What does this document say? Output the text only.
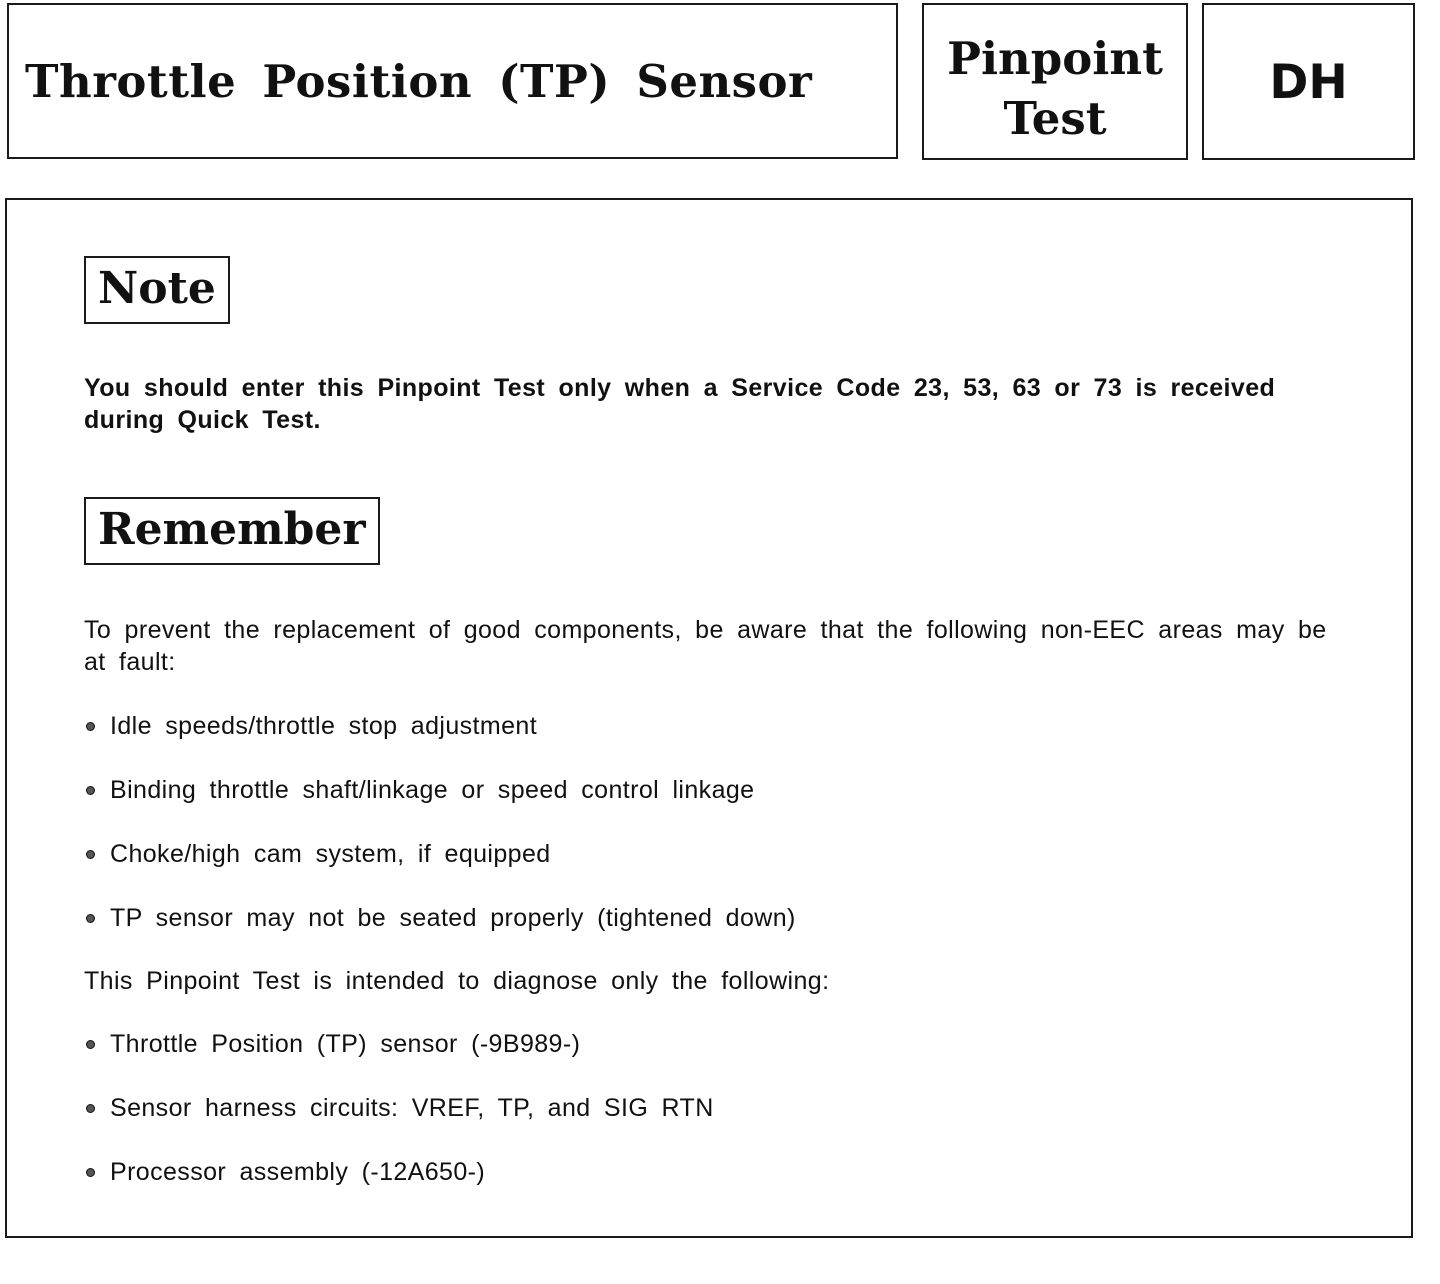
Throttle Position (TP) Sensor	Pinpoint
Test
DH
Note
You should enter this Pinpoint Test only when a Service Code 23, 53, 63 or 73 is received during Quick Test.
Remember
To prevent the replacement of good components, be aware that the following non-EEC areas may be at fault:
Idle speeds/throttle stop adjustment
Binding throttle shaft/linkage or speed control linkage
Choke/high cam system, if equipped
TP sensor may not be seated properly (tightened down)
This Pinpoint Test is intended to diagnose only the following:
Throttle Position (TP) sensor (-9B989-)
Sensor harness circuits: VREF, TP, and SIG RTN
Processor assembly (-12A650-)
